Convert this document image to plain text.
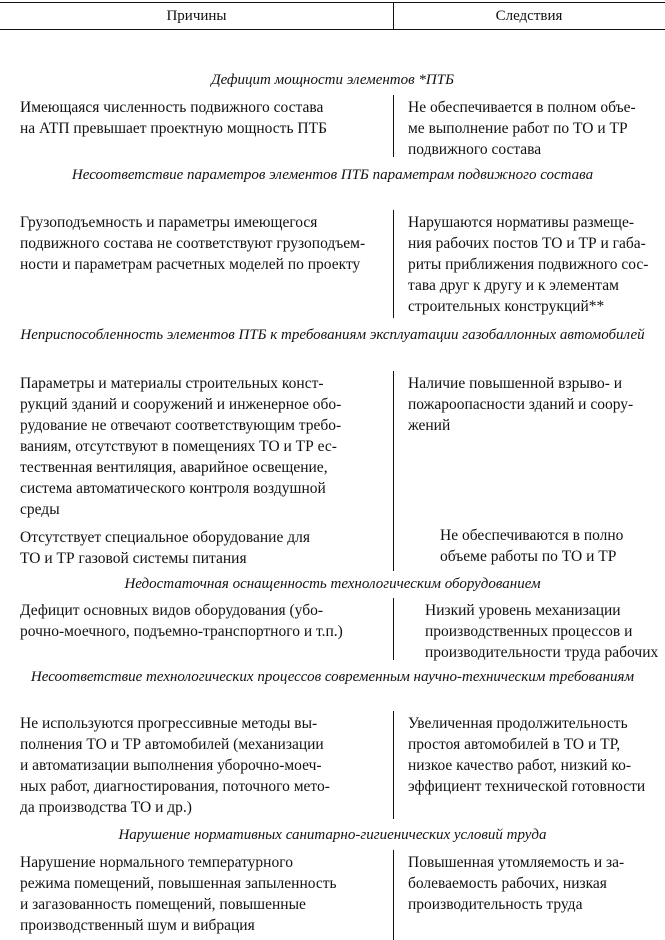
Причины	Следствия
Дефицит мощности элементов *ПТБ
Имеющаяся численность подвижного состава
на АТП превышает проектную мощность ПТБ
Не обеспечивается в полном объе-
ме выполнение работ по ТО и ТР
подвижного состава
Несоответствие параметров элементов ПТБ параметрам подвижного состава
Грузоподъемность и параметры имеющегося
подвижного состава не соответствуют грузоподъем-
ности и параметрам расчетных моделей по проекту
Нарушаются нормативы размеще-
ния рабочих постов ТО и ТР и габа-
риты приближения подвижного сос-
тава друг к другу и к элементам
строительных конструкций**
Неприспособленность элементов ПТБ к требованиям эксплуатации газобаллонных автомобилей
Параметры и материалы строительных конст-
рукций зданий и сооружений и инженерное обо-
рудование не отвечают соответствующим требо-
ваниям, отсутствуют в помещениях ТО и ТР ес-
тественная вентиляция, аварийное освещение,
система автоматического контроля воздушной
среды
Наличие повышенной взрыво- и
пожароопасности зданий и соору-
жений
Отсутствует специальное оборудование для
ТО и ТР газовой системы питания
Не обеспечиваются в полно
объеме работы по ТО и ТР
Недостаточная оснащенность технологическим оборудованием
Дефицит основных видов оборудования (убо-
рочно-моечного, подъемно-транспортного и т.п.)
Низкий уровень механизации
производственных процессов и
производительности труда рабочих
Несоответствие технологических процессов современным научно-техническим требованиям
Не используются прогрессивные методы вы-
полнения ТО и ТР автомобилей (механизации
и автоматизации выполнения уборочно-моеч-
ных работ, диагностирования, поточного мето-
да производства ТО и др.)
Увеличенная продолжительность
простоя автомобилей в ТО и ТР,
низкое качество работ, низкий ко-
эффициент технической готовности
Нарушение нормативных санитарно-гигиенических условий труда
Нарушение нормального температурного
режима помещений, повышенная запыленность
и загазованность помещений, повышенные
производственный шум и вибрация
Повышенная утомляемость и за-
болеваемость рабочих, низкая
производительность труда
